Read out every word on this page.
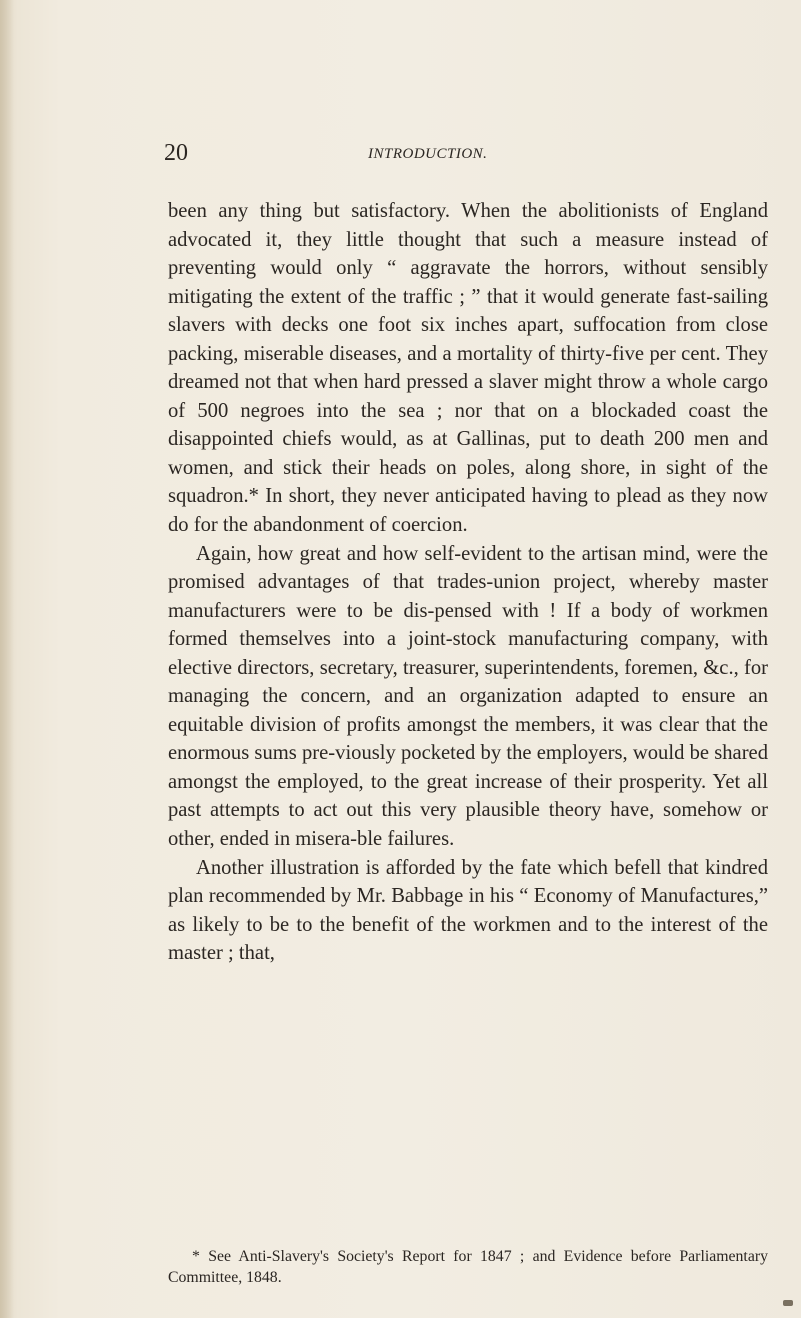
20	INTRODUCTION.

been any thing but satisfactory. When the abolitionists of England advocated it, they little thought that such a measure instead of preventing would only “ aggravate the horrors, without sensibly mitigating the extent of the traffic ; ” that it would generate fast-sailing slavers with decks one foot six inches apart, suffocation from close packing, miserable diseases, and a mortality of thirty-five per cent. They dreamed not that when hard pressed a slaver might throw a whole cargo of 500 negroes into the sea ; nor that on a blockaded coast the disappointed chiefs would, as at Gallinas, put to death 200 men and women, and stick their heads on poles, along shore, in sight of the squadron.* In short, they never anticipated having to plead as they now do for the abandonment of coercion.

Again, how great and how self-evident to the artisan mind, were the promised advantages of that trades-union project, whereby master manufacturers were to be dis-pensed with ! If a body of workmen formed themselves into a joint-stock manufacturing company, with elective directors, secretary, treasurer, superintendents, foremen, &c., for managing the concern, and an organization adapted to ensure an equitable division of profits amongst the members, it was clear that the enormous sums pre-viously pocketed by the employers, would be shared amongst the employed, to the great increase of their prosperity. Yet all past attempts to act out this very plausible theory have, somehow or other, ended in misera-ble failures.

Another illustration is afforded by the fate which befell that kindred plan recommended by Mr. Babbage in his “ Economy of Manufactures,” as likely to be to the benefit of the workmen and to the interest of the master ; that,

* See Anti-Slavery's Society's Report for 1847 ; and Evidence before Parliamentary Committee, 1848.
